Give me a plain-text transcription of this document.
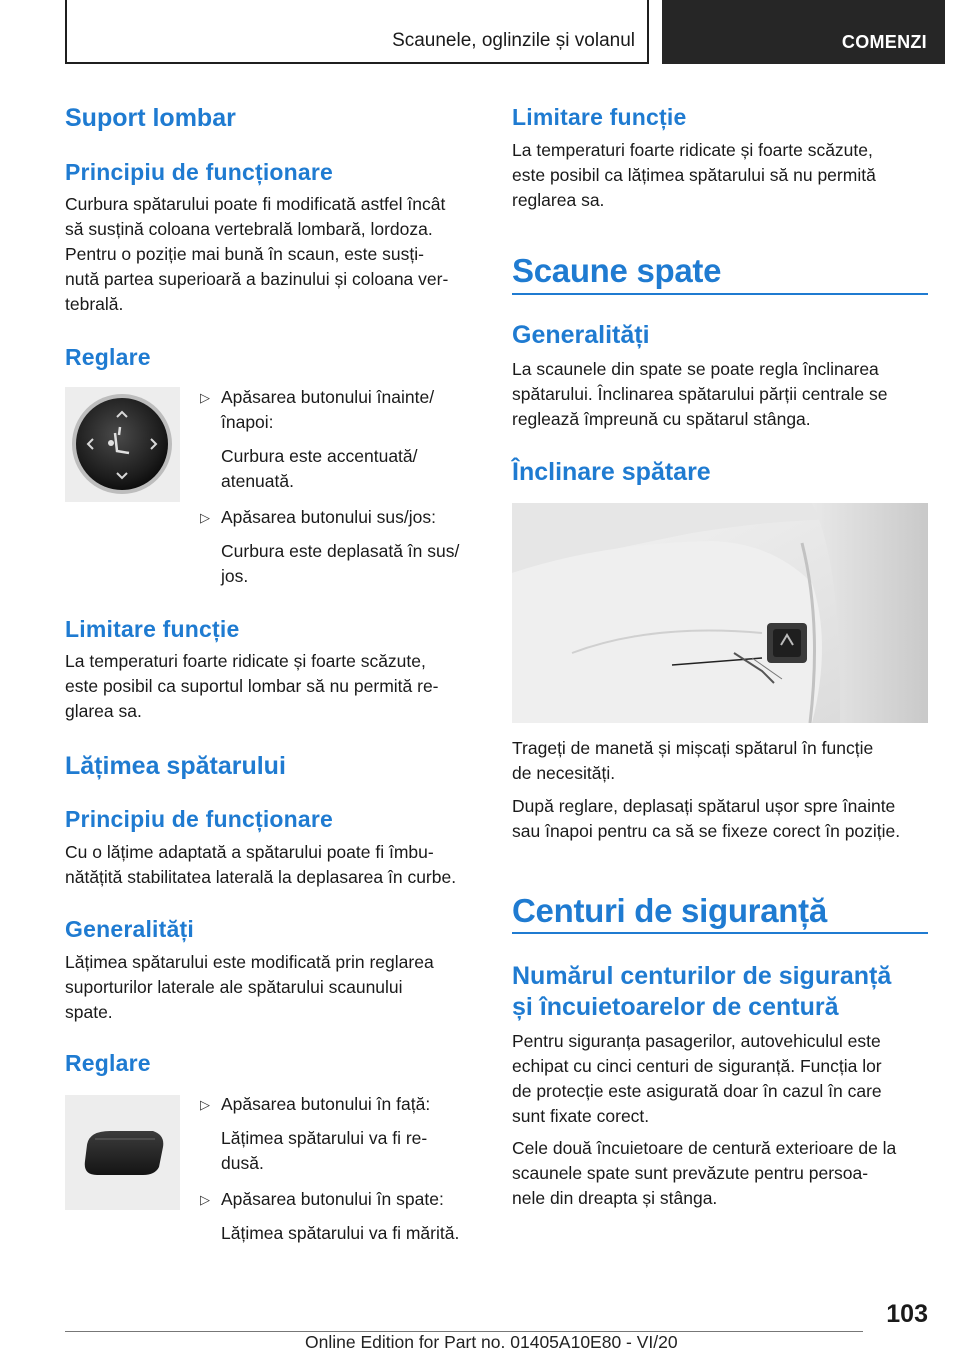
Scaunele, oglinzile și volanul	COMENZI
Suport lombar
Principiu de funcționare
Curbura spătarului poate fi modificată astfel încât
să susțină coloana vertebrală lombară, lordoza.
Pentru o poziție mai bună în scaun, este susți‐
nută partea superioară a bazinului și coloana ver‐
tebrală.
Reglare
▷ Apăsarea butonului înainte/
înapoi:
Curbura este accentuată/
atenuată.
▷ Apăsarea butonului sus/jos:
Curbura este deplasată în sus/
jos.
Limitare funcție
La temperaturi foarte ridicate și foarte scăzute,
este posibil ca suportul lombar să nu permită re‐
glarea sa.
Lățimea spătarului
Principiu de funcționare
Cu o lățime adaptată a spătarului poate fi îmbu‐
nătățită stabilitatea laterală la deplasarea în curbe.
Generalități
Lățimea spătarului este modificată prin reglarea
suporturilor laterale ale spătarului scaunului
spate.
Reglare
▷ Apăsarea butonului în față:
Lățimea spătarului va fi re‐
dusă.
▷ Apăsarea butonului în spate:
Lățimea spătarului va fi mărită.
Limitare funcție
La temperaturi foarte ridicate și foarte scăzute,
este posibil ca lățimea spătarului să nu permită
reglarea sa.
Scaune spate
Generalități
La scaunele din spate se poate regla înclinarea
spătarului. Înclinarea spătarului părții centrale se
reglează împreună cu spătarul stânga.
Înclinare spătare
Trageți de manetă și mișcați spătarul în funcție
de necesități.
După reglare, deplasați spătarul ușor spre înainte
sau înapoi pentru ca să se fixeze corect în poziție.
Centuri de siguranță
Numărul centurilor de siguranță
și încuietoarelor de centură
Pentru siguranța pasagerilor, autovehiculul este
echipat cu cinci centuri de siguranță. Funcția lor
de protecție este asigurată doar în cazul în care
sunt fixate corect.
Cele două încuietoare de centură exterioare de la
scaunele spate sunt prevăzute pentru persoa‐
nele din dreapta și stânga.
103
Online Edition for Part no. 01405A10E80 - VI/20
